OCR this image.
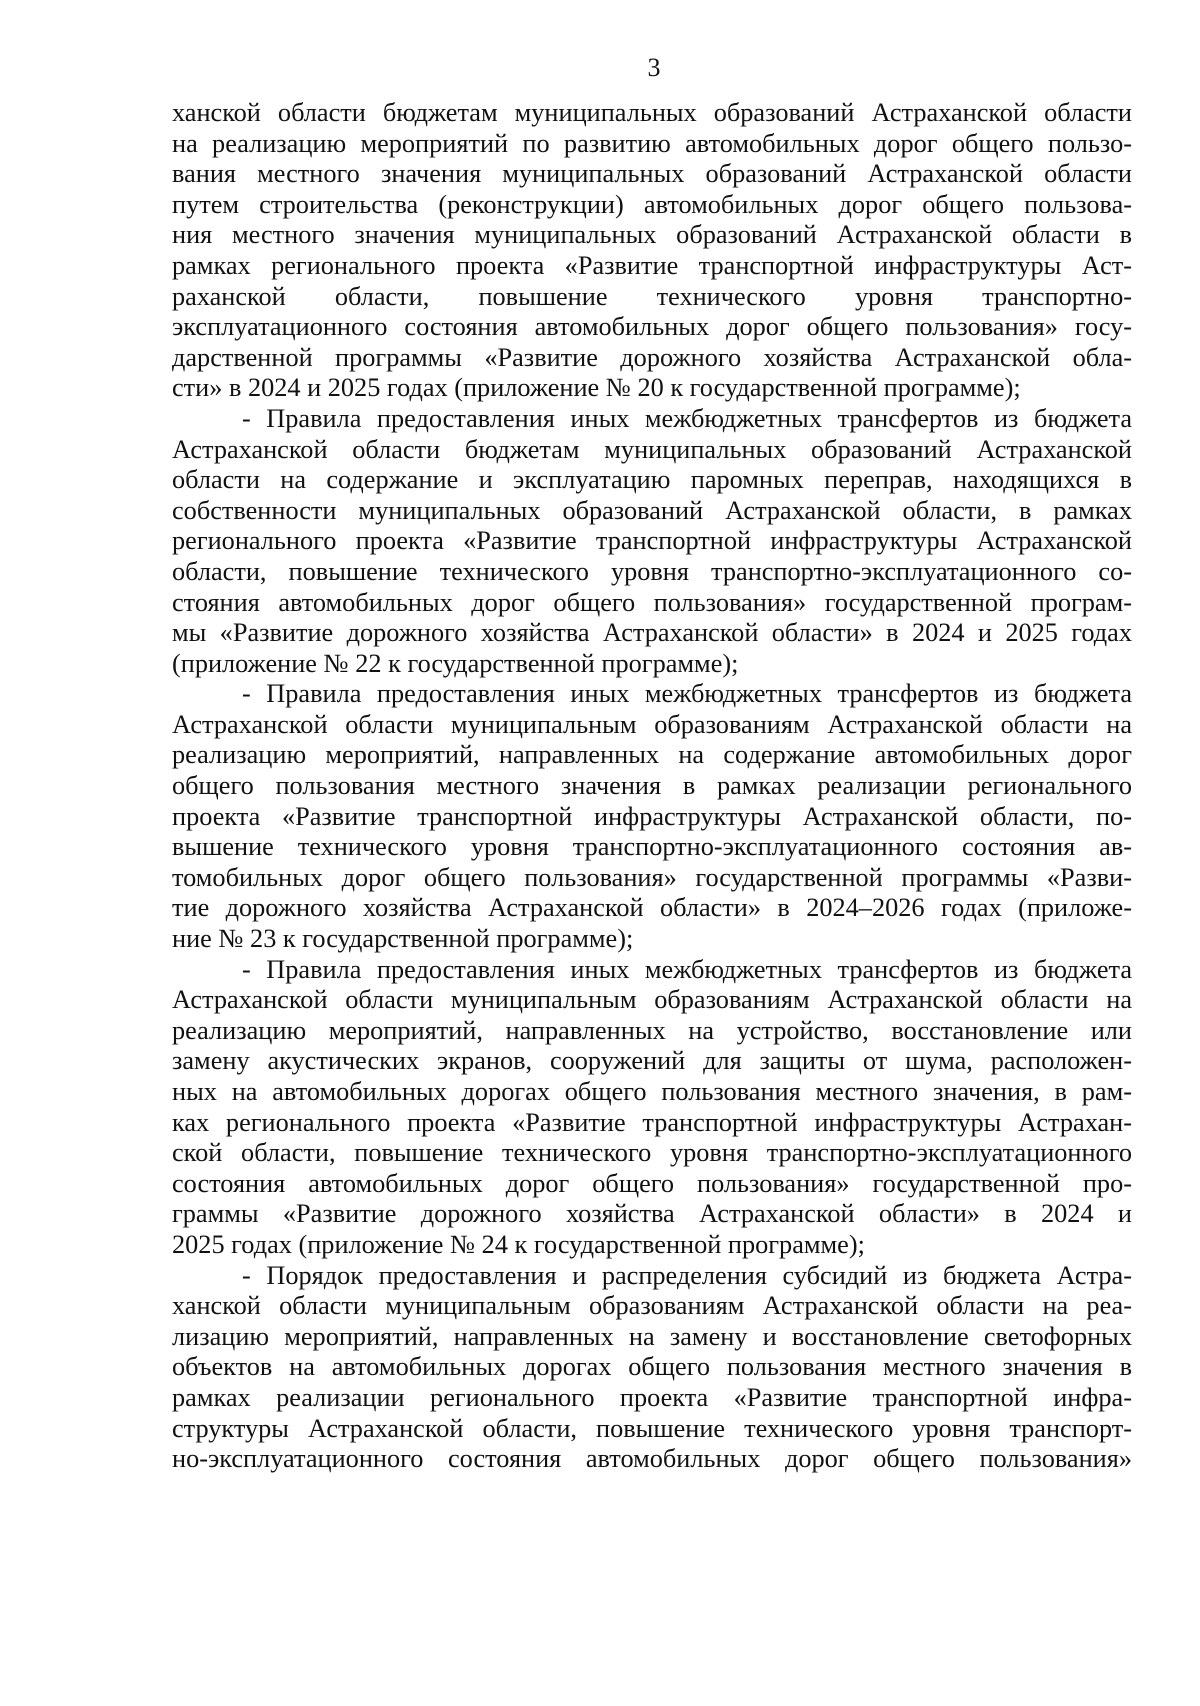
3
ханской области бюджетам муниципальных образований Астраханской области
на реализацию мероприятий по развитию автомобильных дорог общего пользо-
вания местного значения муниципальных образований Астраханской области
путем строительства (реконструкции) автомобильных дорог общего пользова-
ния местного значения муниципальных образований Астраханской области в
рамках регионального проекта «Развитие транспортной инфраструктуры Аст-
раханской области, повышение технического уровня транспортно-
эксплуатационного состояния автомобильных дорог общего пользования» госу-
дарственной программы «Развитие дорожного хозяйства Астраханской обла-
сти» в 2024 и 2025 годах (приложение № 20 к государственной программе);
- Правила предоставления иных межбюджетных трансфертов из бюджета
Астраханской области бюджетам муниципальных образований Астраханской
области на содержание и эксплуатацию паромных переправ, находящихся в
собственности муниципальных образований Астраханской области, в рамках
регионального проекта «Развитие транспортной инфраструктуры Астраханской
области, повышение технического уровня транспортно-эксплуатационного со-
стояния автомобильных дорог общего пользования» государственной програм-
мы «Развитие дорожного хозяйства Астраханской области» в 2024 и 2025 годах
(приложение № 22 к государственной программе);
- Правила предоставления иных межбюджетных трансфертов из бюджета
Астраханской области муниципальным образованиям Астраханской области на
реализацию мероприятий, направленных на содержание автомобильных дорог
общего пользования местного значения в рамках реализации регионального
проекта «Развитие транспортной инфраструктуры Астраханской области, по-
вышение технического уровня транспортно-эксплуатационного состояния ав-
томобильных дорог общего пользования» государственной программы «Разви-
тие дорожного хозяйства Астраханской области» в 2024–2026 годах (приложе-
ние № 23 к государственной программе);
- Правила предоставления иных межбюджетных трансфертов из бюджета
Астраханской области муниципальным образованиям Астраханской области на
реализацию мероприятий, направленных на устройство, восстановление или
замену акустических экранов, сооружений для защиты от шума, расположен-
ных на автомобильных дорогах общего пользования местного значения, в рам-
ках регионального проекта «Развитие транспортной инфраструктуры Астрахан-
ской области, повышение технического уровня транспортно-эксплуатационного
состояния автомобильных дорог общего пользования» государственной про-
граммы «Развитие дорожного хозяйства Астраханской области» в 2024 и
2025 годах (приложение № 24 к государственной программе);
- Порядок предоставления и распределения субсидий из бюджета Астра-
ханской области муниципальным образованиям Астраханской области на реа-
лизацию мероприятий, направленных на замену и восстановление светофорных
объектов на автомобильных дорогах общего пользования местного значения в
рамках реализации регионального проекта «Развитие транспортной инфра-
структуры Астраханской области, повышение технического уровня транспорт-
но-эксплуатационного состояния автомобильных дорог общего пользования»
